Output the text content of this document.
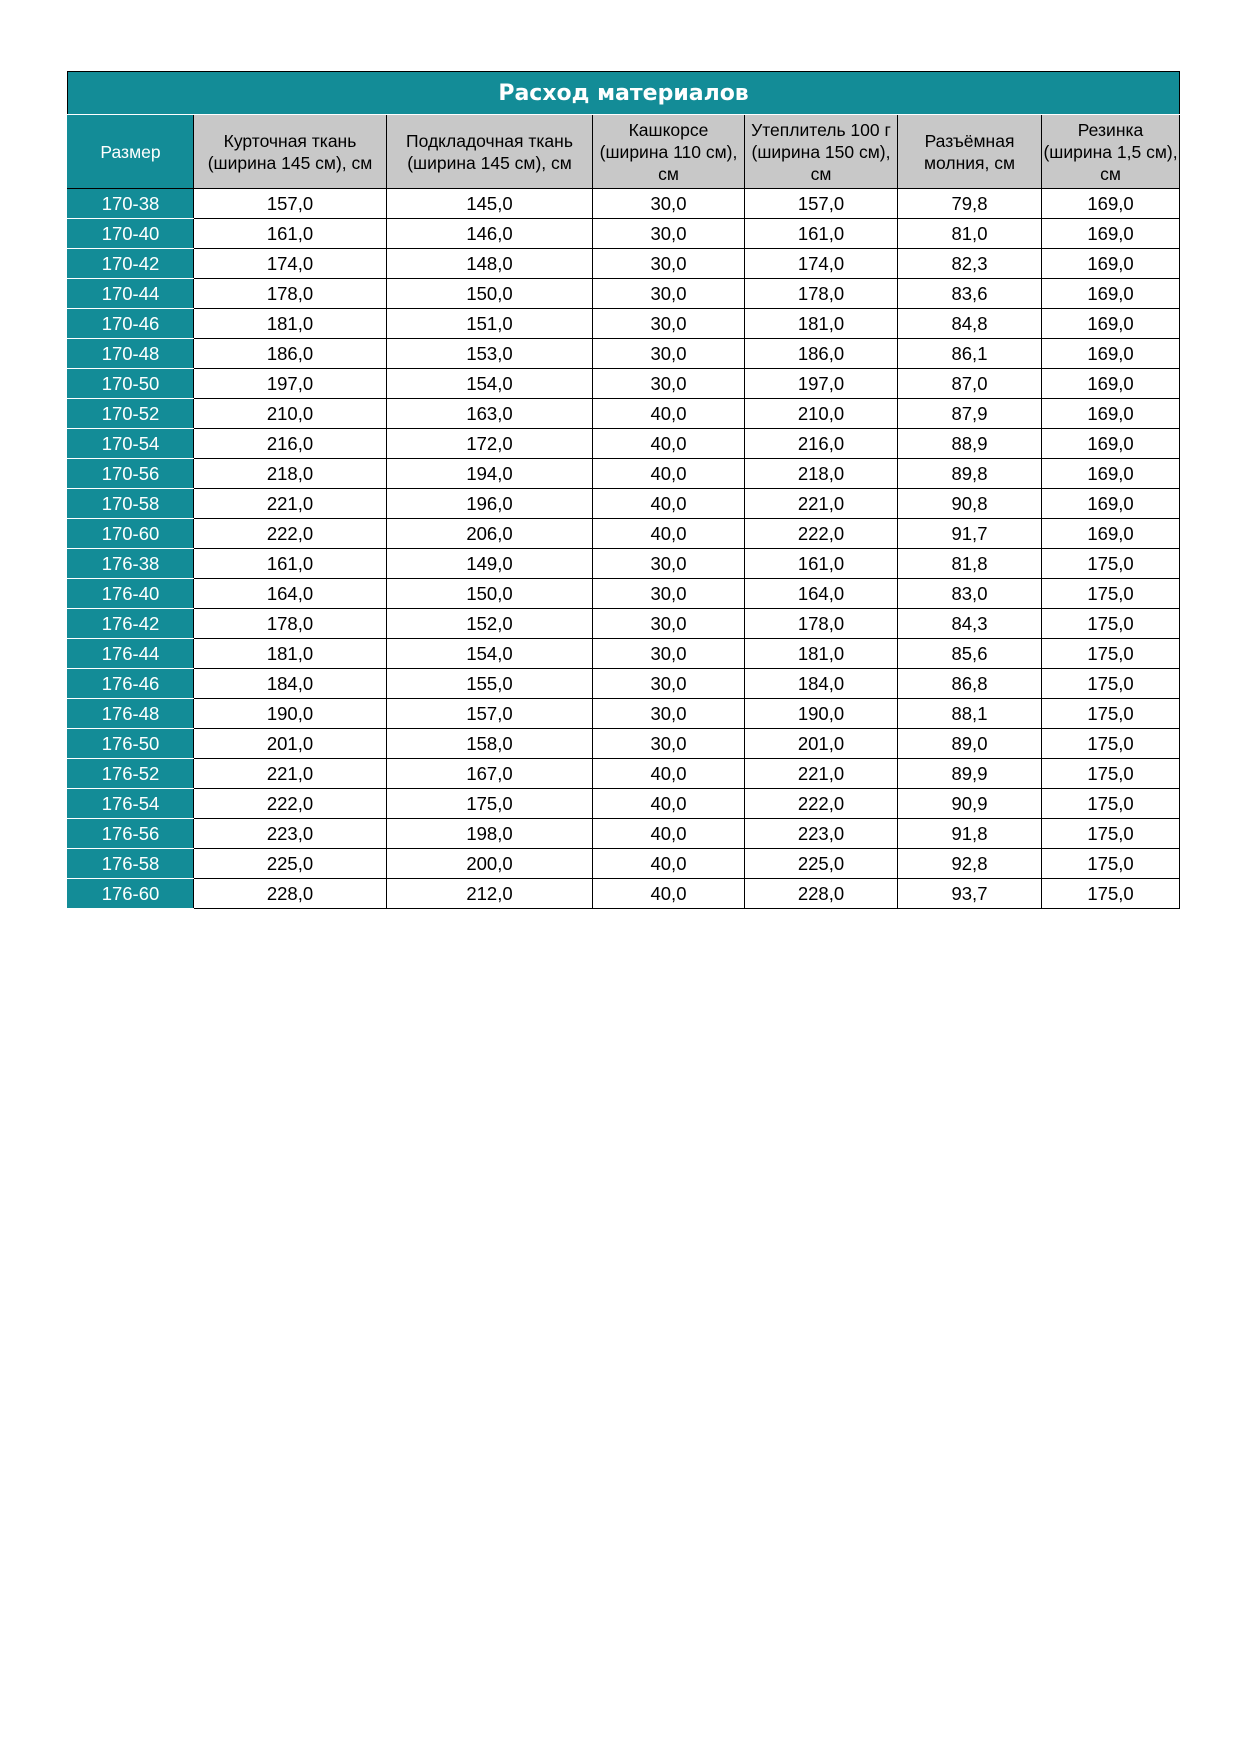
Расход материалов						
Размер	Курточная ткань (ширина 145 см), см	Подкладочная ткань (ширина 145 см), см	Кашкорсе (ширина 110 см), см	Утеплитель 100 г (ширина 150 см), см	Разъёмная молния, см	Резинка (ширина 1,5 см), см
170-38	157,0	145,0	30,0	157,0	79,8	169,0
170-40	161,0	146,0	30,0	161,0	81,0	169,0
170-42	174,0	148,0	30,0	174,0	82,3	169,0
170-44	178,0	150,0	30,0	178,0	83,6	169,0
170-46	181,0	151,0	30,0	181,0	84,8	169,0
170-48	186,0	153,0	30,0	186,0	86,1	169,0
170-50	197,0	154,0	30,0	197,0	87,0	169,0
170-52	210,0	163,0	40,0	210,0	87,9	169,0
170-54	216,0	172,0	40,0	216,0	88,9	169,0
170-56	218,0	194,0	40,0	218,0	89,8	169,0
170-58	221,0	196,0	40,0	221,0	90,8	169,0
170-60	222,0	206,0	40,0	222,0	91,7	169,0
176-38	161,0	149,0	30,0	161,0	81,8	175,0
176-40	164,0	150,0	30,0	164,0	83,0	175,0
176-42	178,0	152,0	30,0	178,0	84,3	175,0
176-44	181,0	154,0	30,0	181,0	85,6	175,0
176-46	184,0	155,0	30,0	184,0	86,8	175,0
176-48	190,0	157,0	30,0	190,0	88,1	175,0
176-50	201,0	158,0	30,0	201,0	89,0	175,0
176-52	221,0	167,0	40,0	221,0	89,9	175,0
176-54	222,0	175,0	40,0	222,0	90,9	175,0
176-56	223,0	198,0	40,0	223,0	91,8	175,0
176-58	225,0	200,0	40,0	225,0	92,8	175,0
176-60	228,0	212,0	40,0	228,0	93,7	175,0
